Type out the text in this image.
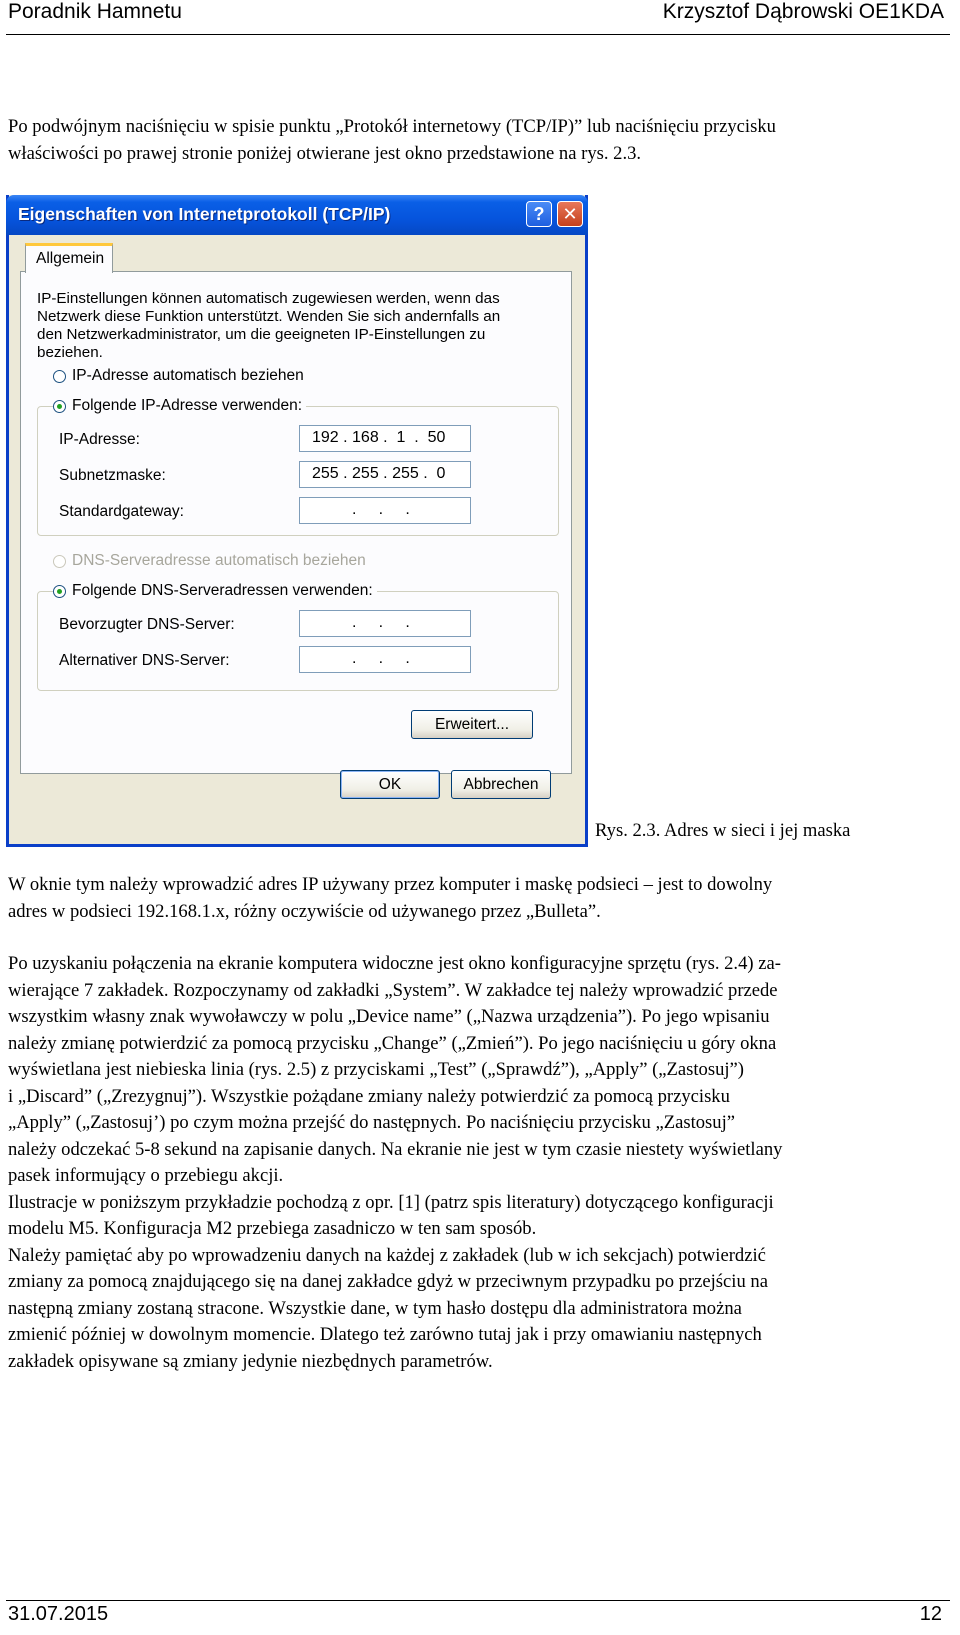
Poradnik Hamnetu	Krzysztof Dąbrowski OE1KDA

Po podwójnym naciśnięciu w spisie punktu „Protokół internetowy (TCP/IP)” lub naciśnięciu przycisku
właściwości po prawej stronie poniżej otwierane jest okno przedstawione na rys. 2.3.

Eigenschaften von Internetprotokoll (TCP/IP)	? ✕
Allgemein

IP-Einstellungen können automatisch zugewiesen werden, wenn das
Netzwerk diese Funktion unterstützt. Wenden Sie sich andernfalls an
den Netzwerkadministrator, um die geeigneten IP-Einstellungen zu
beziehen.

IP-Adresse automatisch beziehen
Folgende IP-Adresse verwenden:
IP-Adresse:	192 . 168 .  1  .  50
Subnetzmaske:	255 . 255 . 255 .  0
Standardgateway:	.     .     .
DNS-Serveradresse automatisch beziehen
Folgende DNS-Serveradressen verwenden:
Bevorzugter DNS-Server:	.     .     .
Alternativer DNS-Server:	.     .     .
Erweitert...
OK	Abbrechen
Rys. 2.3. Adres w sieci i jej maska

W oknie tym należy wprowadzić adres IP używany przez komputer i maskę podsieci – jest to dowolny
adres w podsieci 192.168.1.x, różny oczywiście od używanego przez „Bulleta”.

Po uzyskaniu połączenia na ekranie komputera widoczne jest okno konfiguracyjne sprzętu (rys. 2.4) za-
wierające 7 zakładek. Rozpoczynamy od zakładki „System”. W zakładce tej należy wprowadzić przede
wszystkim własny znak wywoławczy w polu „Device name” („Nazwa urządzenia”). Po jego wpisaniu
należy zmianę potwierdzić za pomocą przycisku „Change” („Zmień”). Po jego naciśnięciu u góry okna
wyświetlana jest niebieska linia (rys. 2.5) z przyciskami „Test” („Sprawdź”), „Apply” („Zastosuj”)
i „Discard” („Zrezygnuj”). Wszystkie pożądane zmiany należy potwierdzić za pomocą przycisku
„Apply” („Zastosuj’) po czym można przejść do następnych. Po naciśnięciu przycisku „Zastosuj”
należy odczekać 5-8 sekund na zapisanie danych. Na ekranie nie jest w tym czasie niestety wyświetlany
pasek informujący o przebiegu akcji.
Ilustracje w poniższym przykładzie pochodzą z opr. [1] (patrz spis literatury) dotyczącego konfiguracji
modelu M5. Konfiguracja M2 przebiega zasadniczo w ten sam sposób.
Należy pamiętać aby po wprowadzeniu danych na każdej z zakładek (lub w ich sekcjach) potwierdzić
zmiany za pomocą znajdującego się na danej zakładce gdyż w przeciwnym przypadku po przejściu na
następną zmiany zostaną stracone. Wszystkie dane, w tym hasło dostępu dla administratora można
zmienić później w dowolnym momencie. Dlatego też zarówno tutaj jak i przy omawianiu następnych
zakładek opisywane są zmiany jedynie niezbędnych parametrów.

31.07.2015	12
